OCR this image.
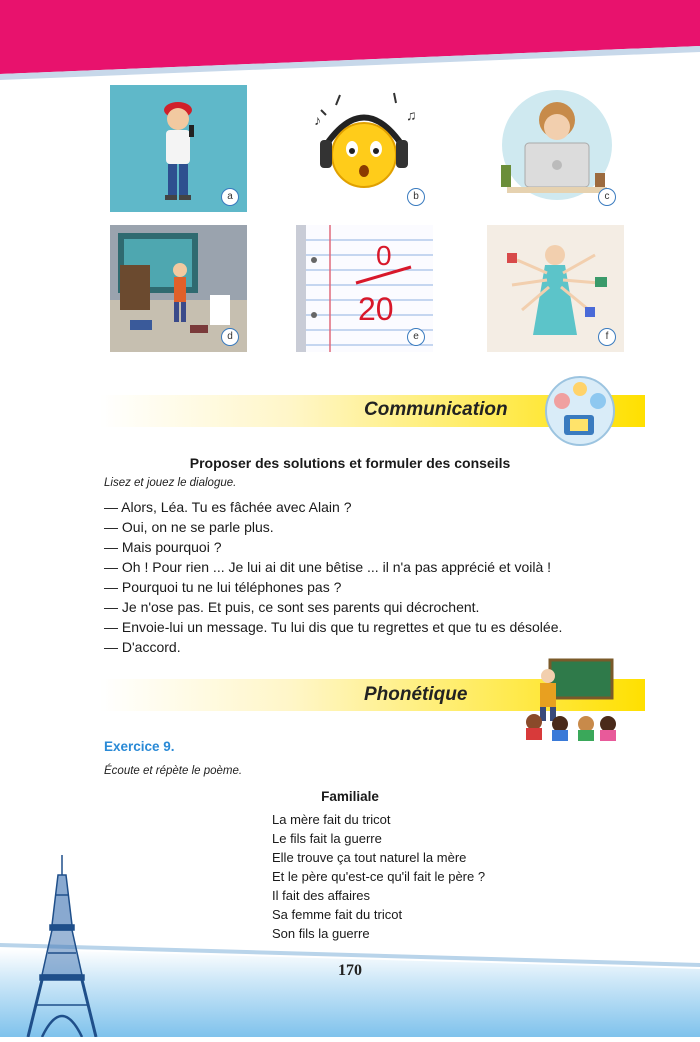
a
♪	♫
b	c
d
0
20
e	f
Communication
Proposer des solutions et formuler des conseils
Lisez et jouez le dialogue.
— Alors, Léa. Tu es fâchée avec Alain ?
— Oui, on ne se parle plus.
— Mais pourquoi ?
— Oh ! Pour rien ... Je lui ai dit une bêtise ... il n'a pas apprécié et voilà !
— Pourquoi tu ne lui téléphones pas ?
— Je n'ose pas. Et puis, ce sont ses parents qui décrochent.
— Envoie-lui un message. Tu lui dis que tu regrettes et que tu es désolée.
— D'accord.
Phonétique
Exercice 9.
Écoute et répète le poème.
Familiale
La mère fait du tricot
Le fils fait la guerre
Elle trouve ça tout naturel la mère
Et le père qu'est-ce qu'il fait le père ?
Il fait des affaires
Sa femme fait du tricot
Son fils la guerre
170
